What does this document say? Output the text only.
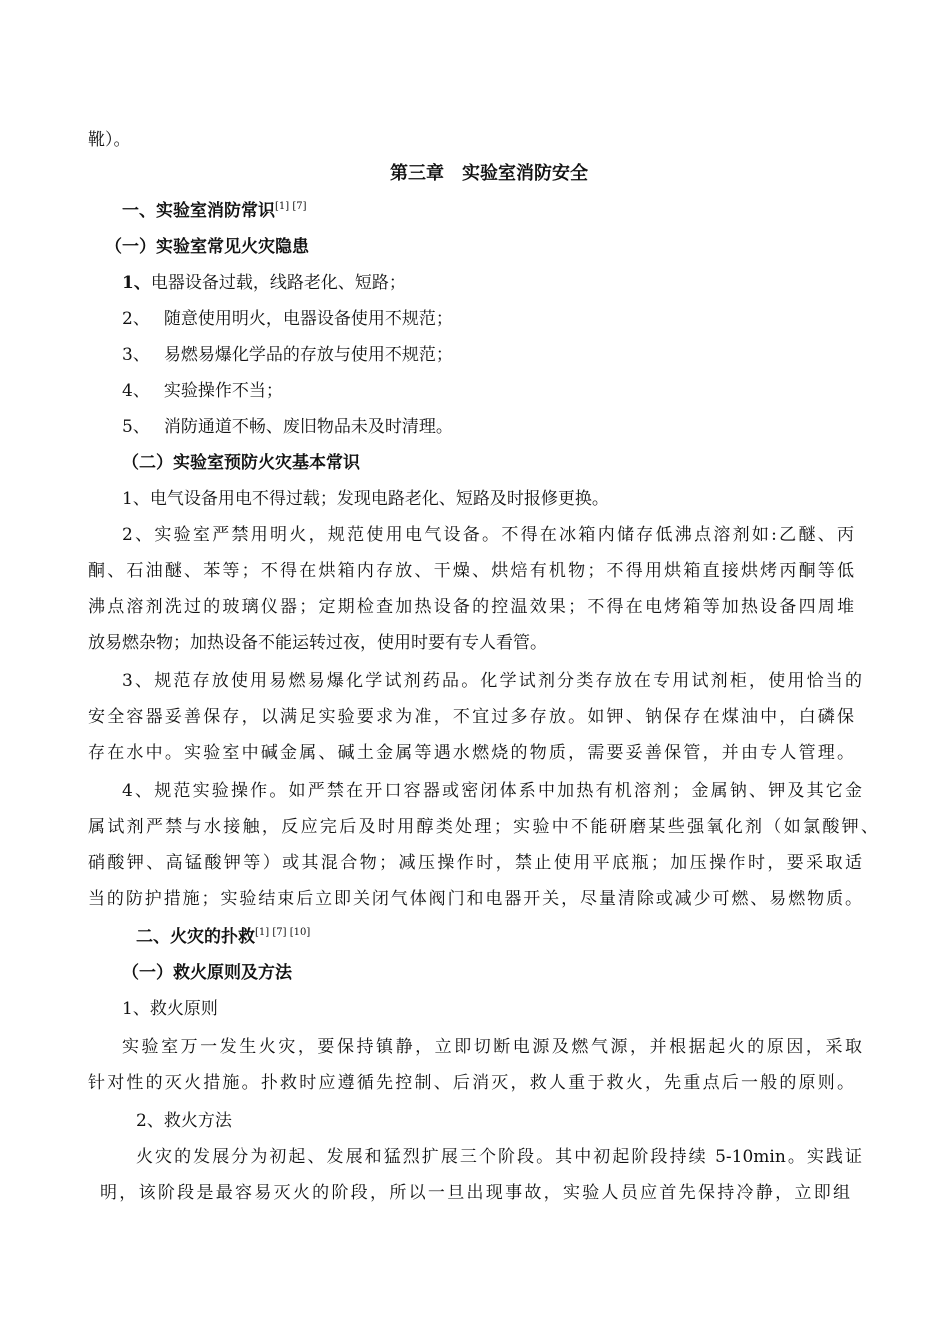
靴）。
第三章　实验室消防安全
一、实验室消防常识[1] [7]
（一）实验室常见火灾隐患
1、电器设备过载，线路老化、短路；
2、 随意使用明火，电器设备使用不规范；
3、 易燃易爆化学品的存放与使用不规范；
4、 实验操作不当；
5、 消防通道不畅、废旧物品未及时清理。
（二）实验室预防火灾基本常识
1、电气设备用电不得过载；发现电路老化、短路及时报修更换。
2、实验室严禁用明火，规范使用电气设备。不得在冰箱内储存低沸点溶剂如:乙醚、丙
酮、石油醚、苯等；不得在烘箱内存放、干燥、烘焙有机物；不得用烘箱直接烘烤丙酮等低
沸点溶剂洗过的玻璃仪器；定期检查加热设备的控温效果；不得在电烤箱等加热设备四周堆
放易燃杂物；加热设备不能运转过夜，使用时要有专人看管。
3、规范存放使用易燃易爆化学试剂药品。化学试剂分类存放在专用试剂柜，使用恰当的
安全容器妥善保存，以满足实验要求为准，不宜过多存放。如钾、钠保存在煤油中，白磷保
存在水中。实验室中碱金属、碱土金属等遇水燃烧的物质，需要妥善保管，并由专人管理。
4、规范实验操作。如严禁在开口容器或密闭体系中加热有机溶剂；金属钠、钾及其它金
属试剂严禁与水接触，反应完后及时用醇类处理；实验中不能研磨某些强氧化剂（如氯酸钾、
硝酸钾、高锰酸钾等）或其混合物；减压操作时，禁止使用平底瓶；加压操作时，要采取适
当的防护措施；实验结束后立即关闭气体阀门和电器开关，尽量清除或减少可燃、易燃物质。
二、火灾的扑救[1] [7] [10]
（一）救火原则及方法
1、救火原则
实验室万一发生火灾，要保持镇静，立即切断电源及燃气源，并根据起火的原因，采取
针对性的灭火措施。扑救时应遵循先控制、后消灭，救人重于救火，先重点后一般的原则。
2、救火方法
火灾的发展分为初起、发展和猛烈扩展三个阶段。其中初起阶段持续 5-10min。实践证
明，该阶段是最容易灭火的阶段，所以一旦出现事故，实验人员应首先保持冷静，立即组
